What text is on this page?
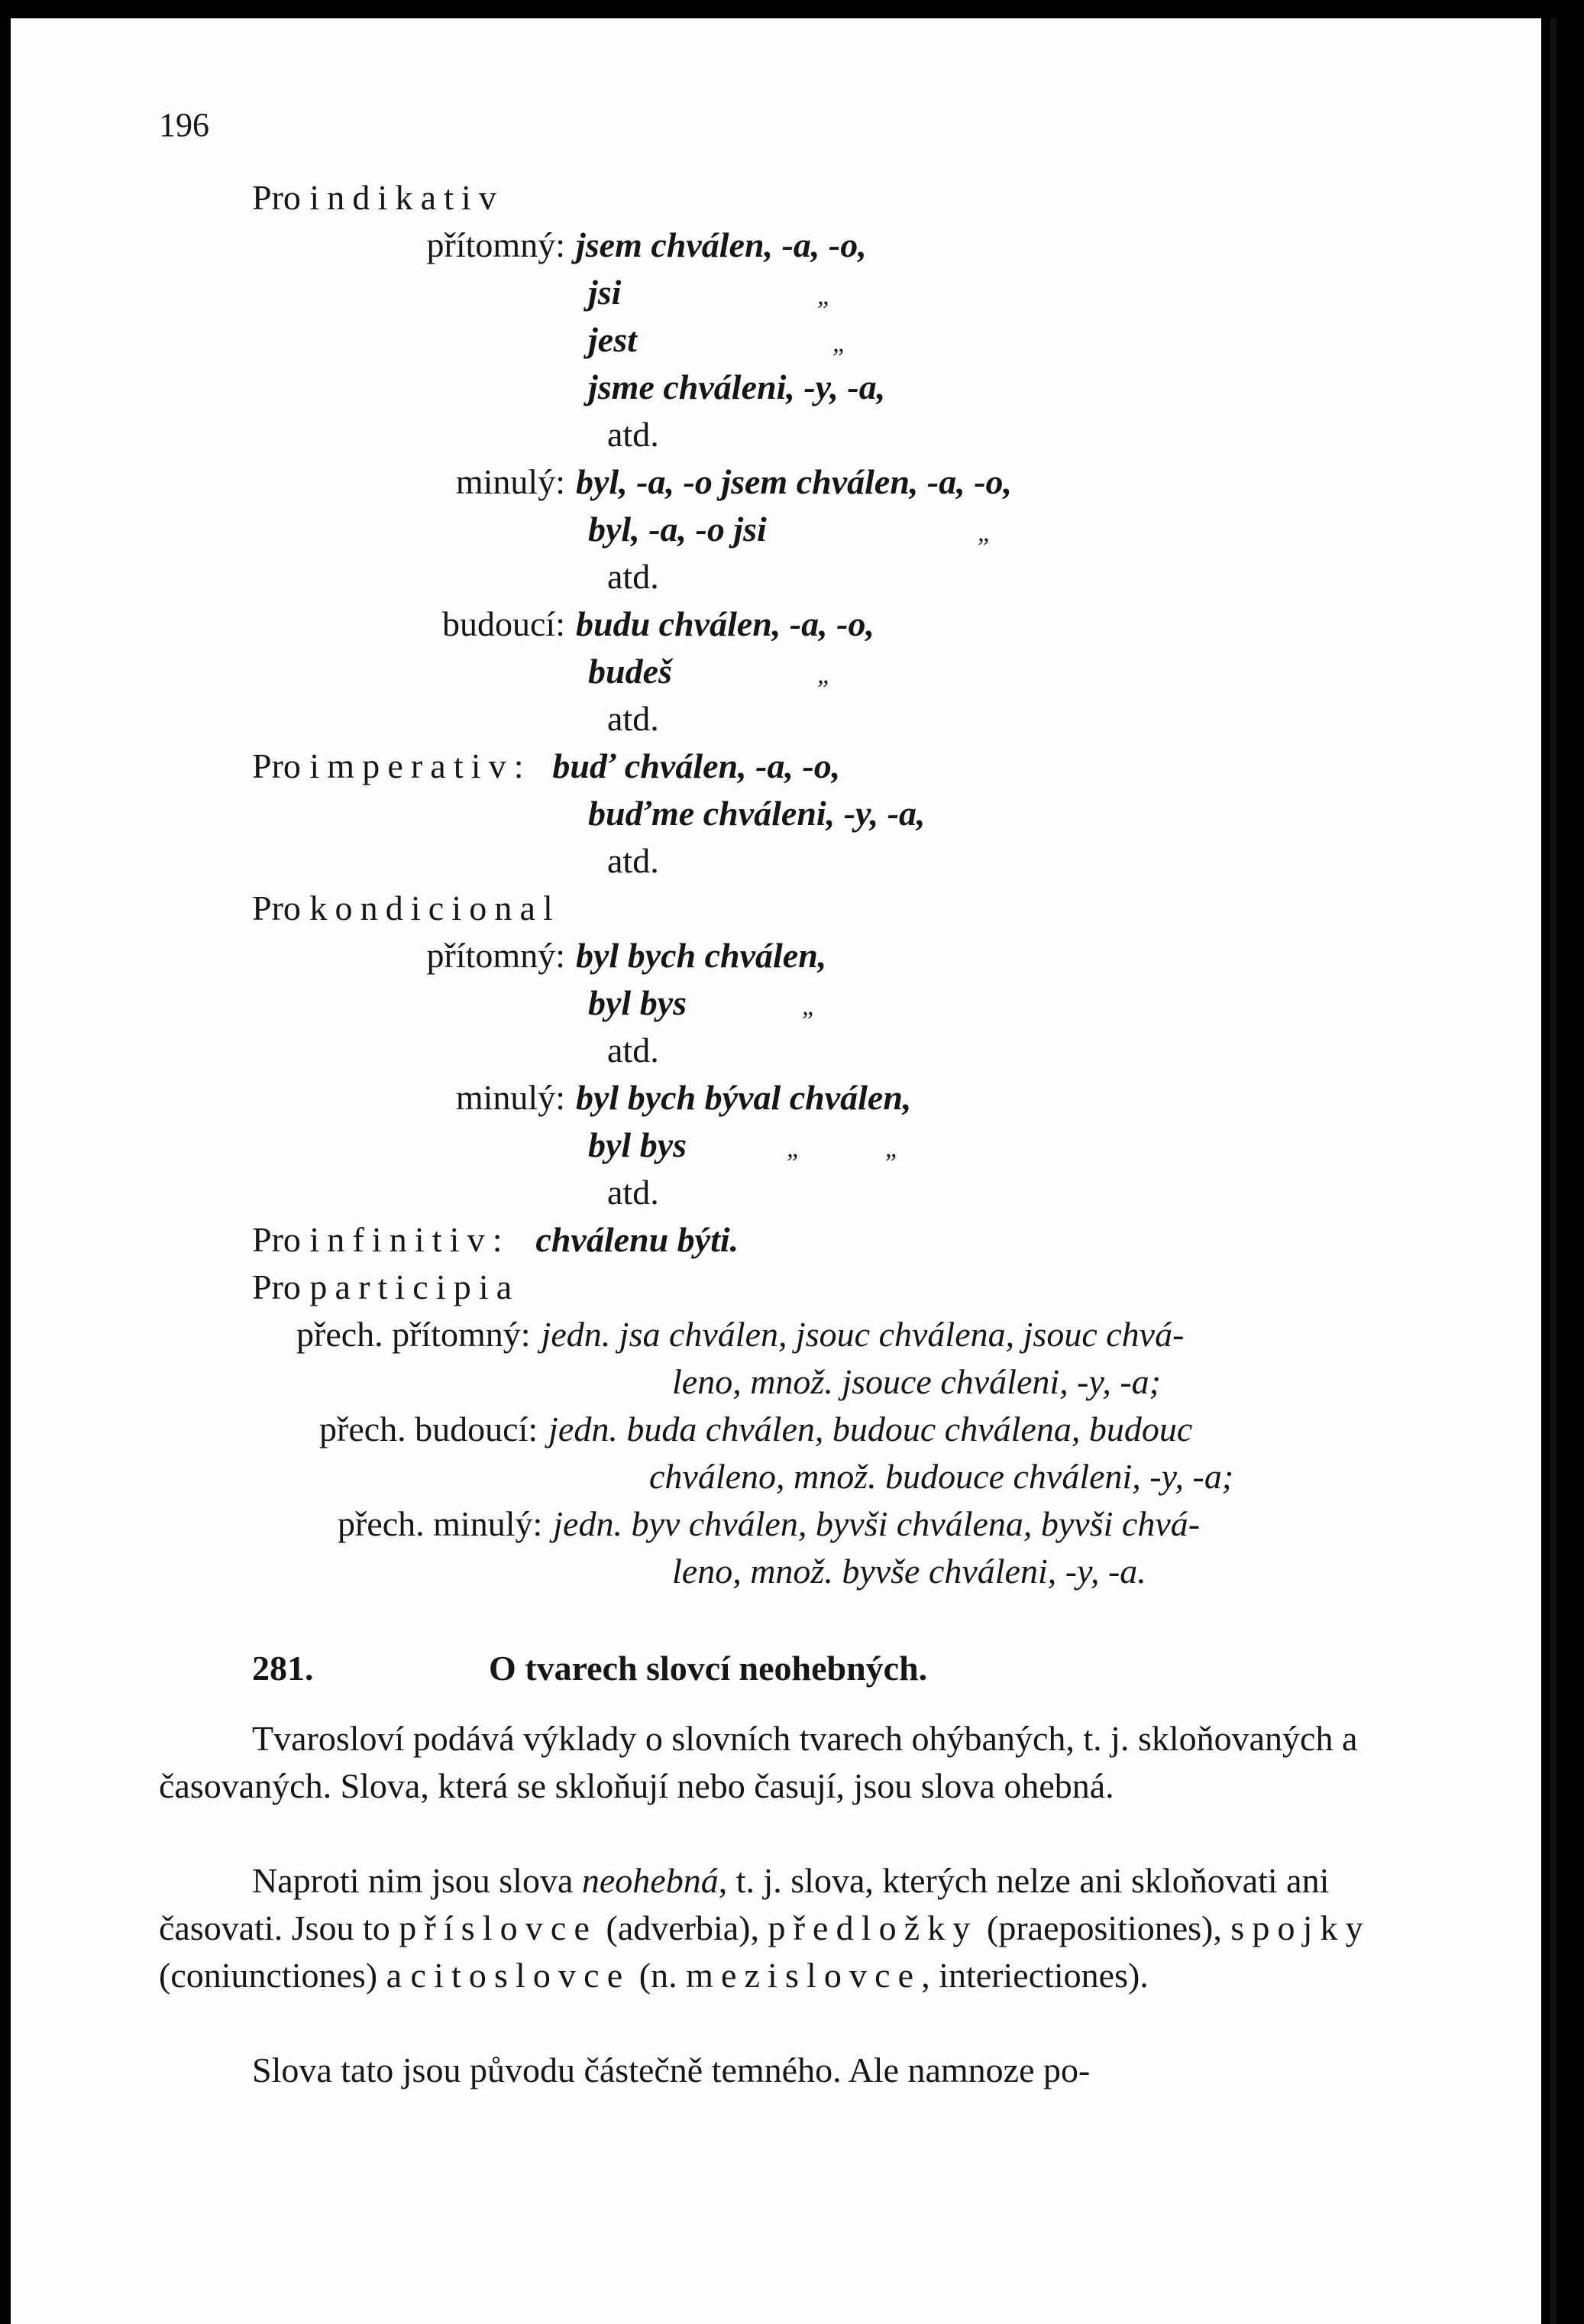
196
Pro indikativ
přítomný: jsem chválen, -a, -o,
jsi	„
jest	„
jsme chváleni, -y, -a,
atd.
minulý: byl, -a, -o jsem chválen, -a, -o,
byl, -a, -o jsi	„
atd.
budoucí: budu chválen, -a, -o,
budeš	„
atd.
Pro imperativ: buď chválen, -a, -o,
buďme chváleni, -y, -a,
atd.
Pro kondicional
přítomný: byl bych chválen,
byl bys	„
atd.
minulý: byl bych býval chválen,
byl bys	„	„
atd.
Pro infinitiv: chválenu býti.
Pro participia
přech. přítomný: jedn. jsa chválen, jsouc chválena, jsouc chvá-
leno, množ. jsouce chváleni, -y, -a;
přech. budoucí: jedn. buda chválen, budouc chválena, budouc
chváleno, množ. budouce chváleni, -y, -a;
přech. minulý: jedn. byv chválen, byvši chválena, byvši chvá-
leno, množ. byvše chváleni, -y, -a.
281.	O tvarech slovcí neohebných.
Tvarosloví podává výklady o slovních tvarech ohýbaných, t. j. skloňovaných a časovaných. Slova, která se skloňují nebo časují, jsou slova ohebná.
Naproti nim jsou slova neohebná, t. j. slova, kterých nelze ani skloňovati ani časovati. Jsou to příslovce (adverbia), předložky (praepositiones), spojky (coniunctiones) a citoslovce (n. mezislovce, interiectiones).
Slova tato jsou původu částečně temného. Ale namnoze po-
